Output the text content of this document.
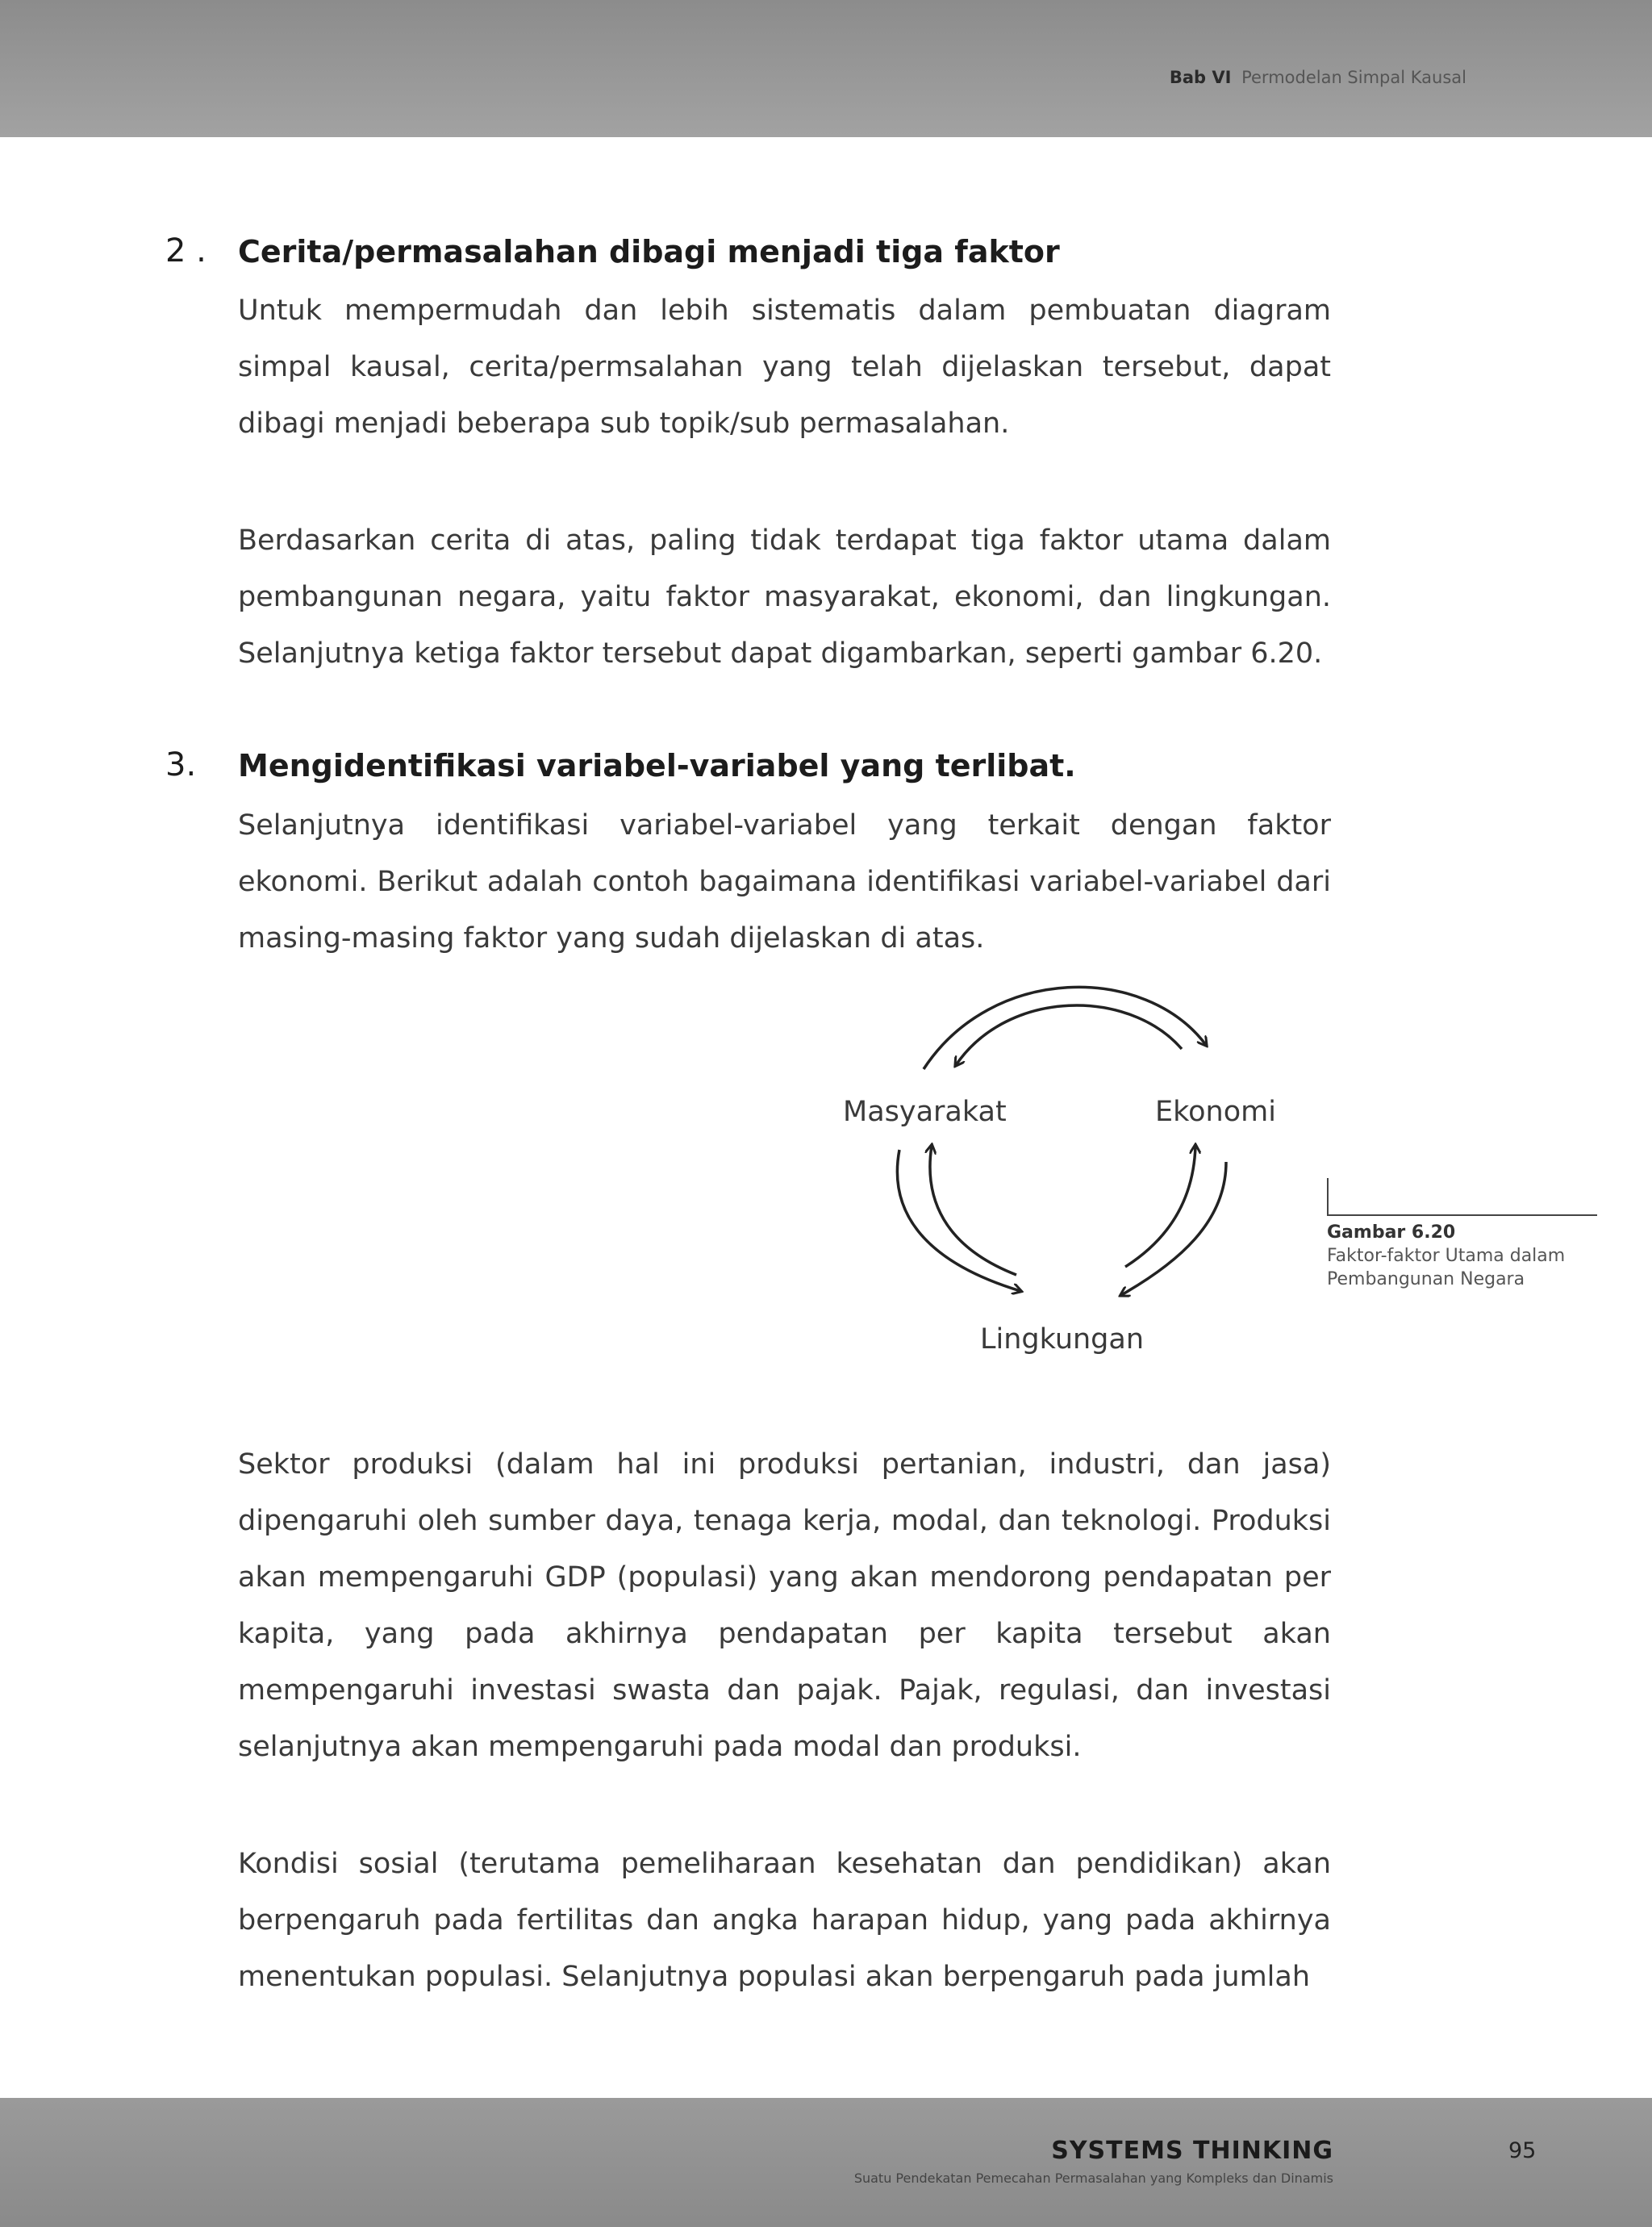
Bab VI Permodelan Simpal Kausal
2 . Cerita/permasalahan dibagi menjadi tiga faktor

Untuk mempermudah dan lebih sistematis dalam pembuatan diagram simpal kausal, cerita/permsalahan yang telah dijelaskan tersebut, dapat dibagi menjadi beberapa sub topik/sub permasalahan.

Berdasarkan cerita di atas, paling tidak terdapat tiga faktor utama dalam pembangunan negara, yaitu faktor masyarakat, ekonomi, dan lingkungan. Selanjutnya ketiga faktor tersebut dapat digambarkan, seperti gambar 6.20.

3. Mengidentifikasi variabel-variabel yang terlibat.

Selanjutnya identifikasi variabel-variabel yang terkait dengan faktor ekonomi. Berikut adalah contoh bagaimana identifikasi variabel-variabel dari masing-masing faktor yang sudah dijelaskan di atas.

Masyarakat	Ekonomi
Lingkungan
Gambar 6.20
Faktor-faktor Utama dalam Pembangunan Negara

Sektor produksi (dalam hal ini produksi pertanian, industri, dan jasa) dipengaruhi oleh sumber daya, tenaga kerja, modal, dan teknologi. Produksi akan mempengaruhi GDP (populasi) yang akan mendorong pendapatan per kapita, yang pada akhirnya pendapatan per kapita tersebut akan mempengaruhi investasi swasta dan pajak. Pajak, regulasi, dan investasi selanjutnya akan mempengaruhi pada modal dan produksi.

Kondisi sosial (terutama pemeliharaan kesehatan dan pendidikan) akan berpengaruh pada fertilitas dan angka harapan hidup, yang pada akhirnya menentukan populasi. Selanjutnya populasi akan berpengaruh pada jumlah

SYSTEMS THINKING
Suatu Pendekatan Pemecahan Permasalahan yang Kompleks dan Dinamis
95
